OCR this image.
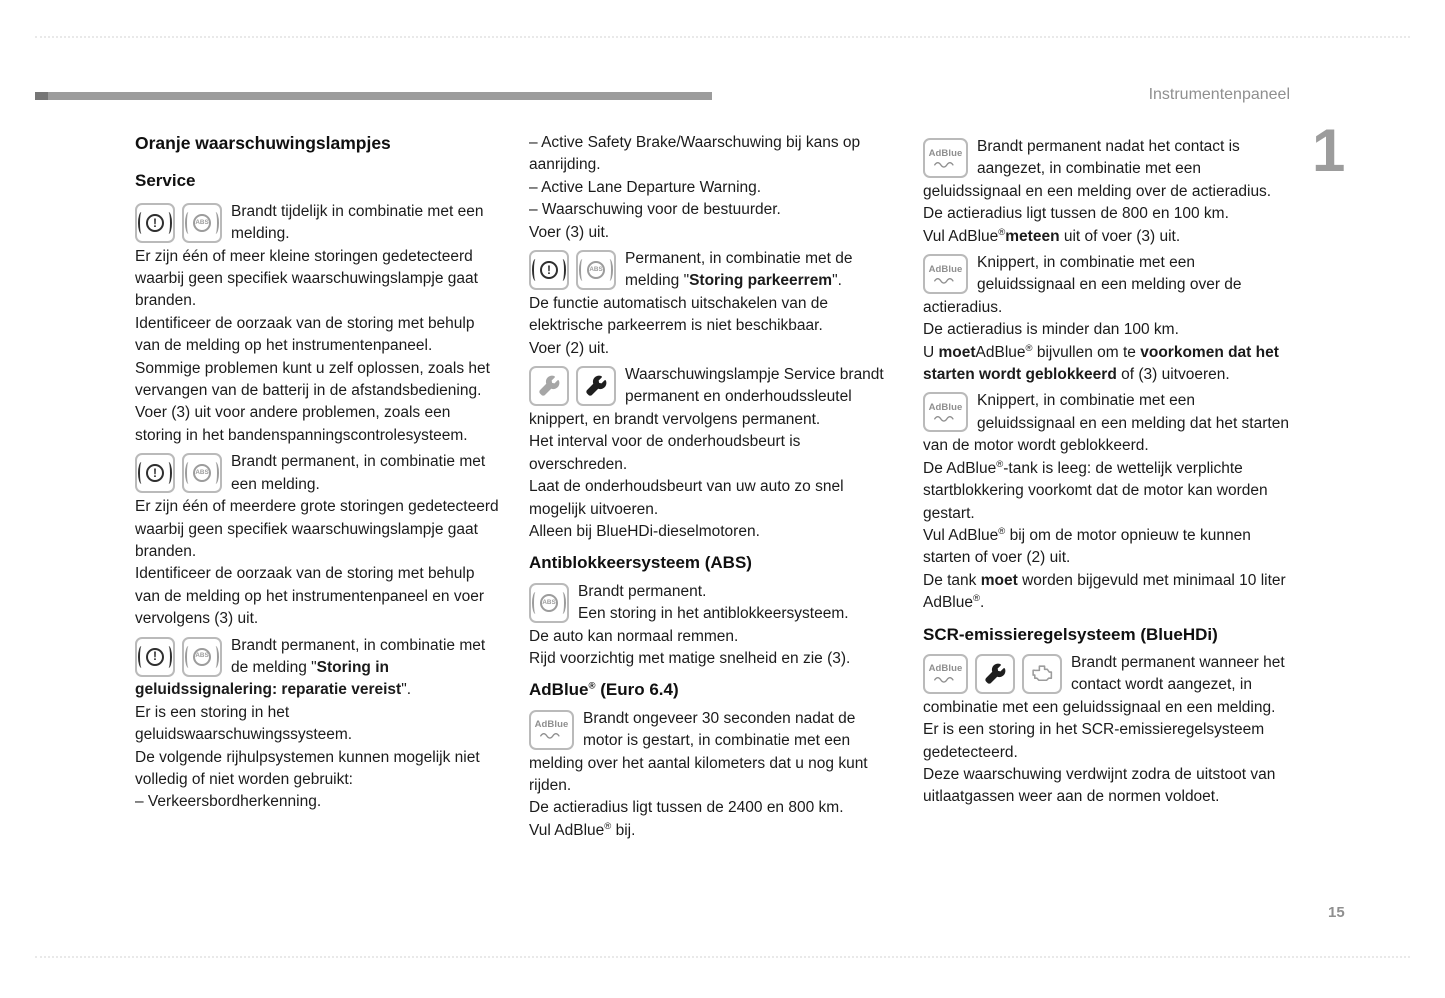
Instrumentenpaneel
1
15
Oranje waarschuwingslampjes
Service
!	ABS
Brandt tijdelijk in combinatie met een melding.

Er zijn één of meer kleine storingen gedetecteerd waarbij geen specifiek waarschuwingslampje gaat branden.

Identificeer de oorzaak van de storing met behulp van de melding op het instrumentenpaneel.

Sommige problemen kunt u zelf oplossen, zoals het vervangen van de batterij in de afstandsbediening.

Voer (3) uit voor andere problemen, zoals een storing in het bandenspanningscontrolesysteem.

!	ABS
Brandt permanent, in combinatie met een melding.

Er zijn één of meerdere grote storingen gedetecteerd waarbij geen specifiek waarschuwingslampje gaat branden.

Identificeer de oorzaak van de storing met behulp van de melding op het instrumentenpaneel en voer vervolgens (3) uit.

!	ABS
Brandt permanent, in combinatie met de melding "Storing in geluidssignalering: reparatie vereist".

Er is een storing in het geluidswaarschuwingssysteem.

De volgende rijhulpsystemen kunnen mogelijk niet volledig of niet worden gebruikt:

– Verkeersbordherkenning.

– Active Safety Brake/Waarschuwing bij kans op aanrijding.

– Active Lane Departure Warning.

– Waarschuwing voor de bestuurder.

Voer (3) uit.

!	ABS
Permanent, in combinatie met de melding "Storing parkeerrem".

De functie automatisch uitschakelen van de elektrische parkeerrem is niet beschikbaar.

Voer (2) uit.

Waarschuwingslampje Service brandt permanent en onderhoudssleutel knippert, en brandt vervolgens permanent.

Het interval voor de onderhoudsbeurt is overschreden.

Laat de onderhoudsbeurt van uw auto zo snel mogelijk uitvoeren.

Alleen bij BlueHDi-dieselmotoren.

Antiblokkeersysteem (ABS)
ABS
Brandt permanent.
Een storing in het antiblokkeersysteem.

De auto kan normaal remmen.

Rijd voorzichtig met matige snelheid en zie (3).

AdBlue® (Euro 6.4)
AdBlue Brandt ongeveer 30 seconden nadat de motor is gestart, in combinatie met een melding over het aantal kilometers dat u nog kunt rijden.

De actieradius ligt tussen de 2400 en 800 km.

Vul AdBlue® bij.

AdBlue Brandt permanent nadat het contact is aangezet, in combinatie met een geluidssignaal en een melding over de actieradius.

De actieradius ligt tussen de 800 en 100 km.

Vul AdBlue®meteen uit of voer (3) uit.

AdBlue Knippert, in combinatie met een geluidssignaal en een melding over de actieradius.

De actieradius is minder dan 100 km.

U moetAdBlue® bijvullen om te voorkomen dat het starten wordt geblokkeerd of (3) uitvoeren.

AdBlue Knippert, in combinatie met een geluidssignaal en een melding dat het starten van de motor wordt geblokkeerd.

De AdBlue®-tank is leeg: de wettelijk verplichte startblokkering voorkomt dat de motor kan worden gestart.

Vul AdBlue® bij om de motor opnieuw te kunnen starten of voer (2) uit.

De tank moet worden bijgevuld met minimaal 10 liter AdBlue®.

SCR-emissieregelsysteem (BlueHDi)
AdBlue	Brandt permanent wanneer het contact wordt aangezet, in combinatie met een geluidssignaal en een melding.

Er is een storing in het SCR-emissieregelsysteem gedetecteerd.

Deze waarschuwing verdwijnt zodra de uitstoot van uitlaatgassen weer aan de normen voldoet.
